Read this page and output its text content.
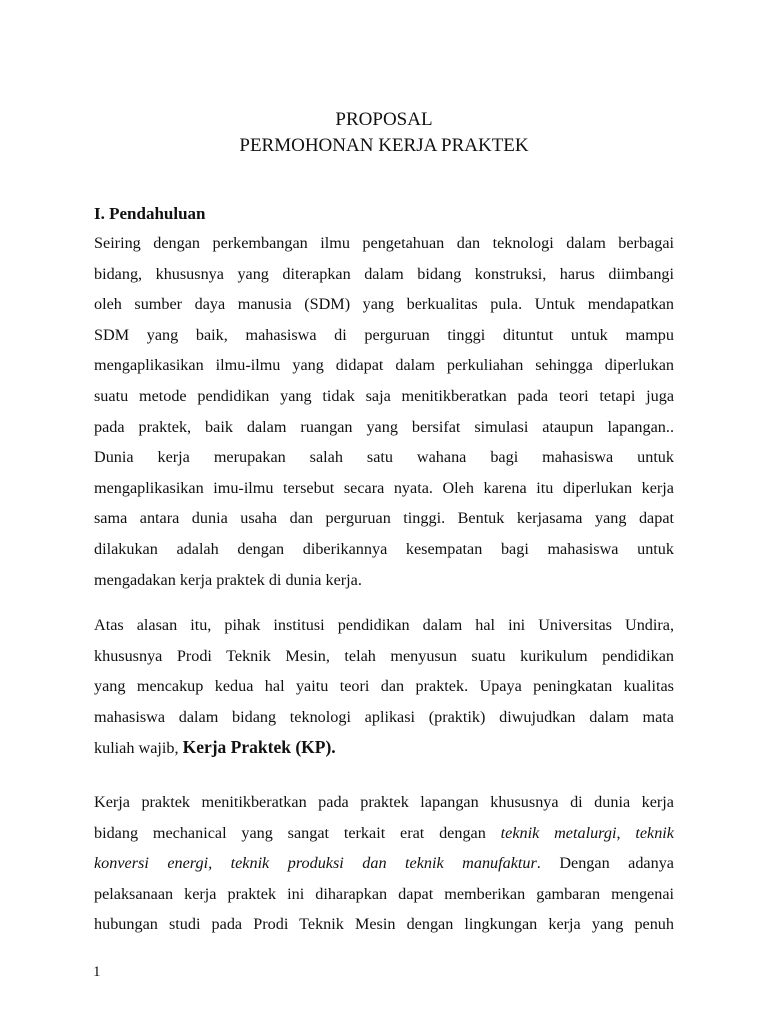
PROPOSAL
PERMOHONAN KERJA PRAKTEK
I. Pendahuluan
Seiring dengan perkembangan ilmu pengetahuan dan teknologi dalam berbagai
bidang, khususnya yang diterapkan dalam bidang konstruksi, harus diimbangi
oleh sumber daya manusia (SDM) yang berkualitas pula. Untuk mendapatkan
SDM yang baik, mahasiswa di perguruan tinggi dituntut untuk mampu
mengaplikasikan ilmu-ilmu yang didapat dalam perkuliahan sehingga diperlukan
suatu metode pendidikan yang tidak saja menitikberatkan pada teori tetapi juga
pada praktek, baik dalam ruangan yang bersifat simulasi ataupun lapangan..
Dunia kerja merupakan salah satu wahana bagi mahasiswa untuk
mengaplikasikan imu-ilmu tersebut secara nyata. Oleh karena itu diperlukan kerja
sama antara dunia usaha dan perguruan tinggi. Bentuk kerjasama yang dapat
dilakukan adalah dengan diberikannya kesempatan bagi mahasiswa untuk
mengadakan kerja praktek di dunia kerja.
Atas alasan itu, pihak institusi pendidikan dalam hal ini Universitas Undira,
khususnya Prodi Teknik Mesin, telah menyusun suatu kurikulum pendidikan
yang mencakup kedua hal yaitu teori dan praktek. Upaya peningkatan kualitas
mahasiswa dalam bidang teknologi aplikasi (praktik) diwujudkan dalam mata
kuliah wajib, Kerja Praktek (KP).
Kerja praktek menitikberatkan pada praktek lapangan khususnya di dunia kerja
bidang mechanical yang sangat terkait erat dengan teknik metalurgi, teknik
konversi energi, teknik produksi dan teknik manufaktur. Dengan adanya
pelaksanaan kerja praktek ini diharapkan dapat memberikan gambaran mengenai
hubungan studi pada Prodi Teknik Mesin dengan lingkungan kerja yang penuh
1
